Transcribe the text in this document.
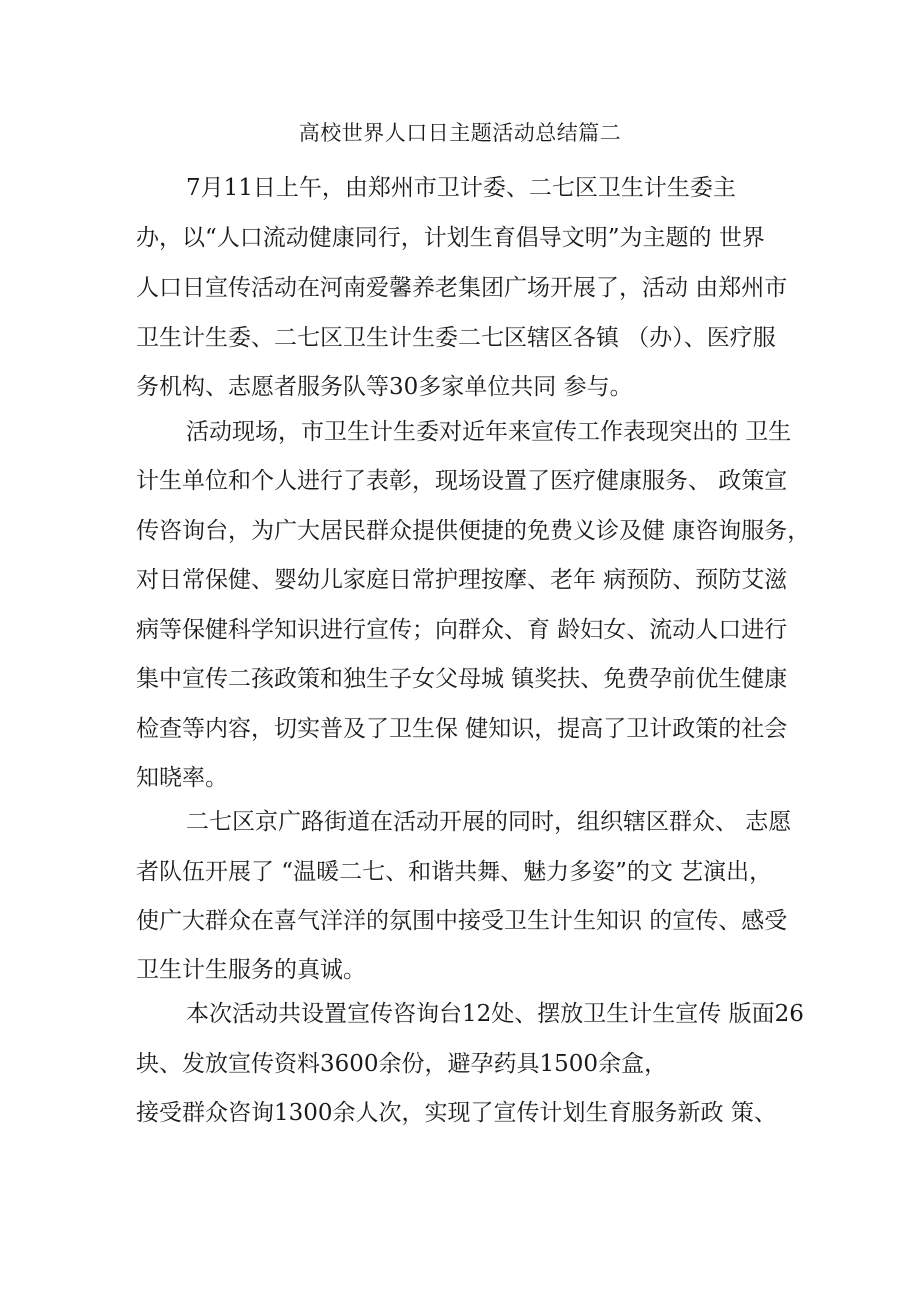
高校世界人口日主题活动总结篇二
7月11日上午，由郑州市卫计委、二七区卫生计生委主
办，以“人口流动健康同行，计划生育倡导文明”为主题的 世界
人口日宣传活动在河南爱馨养老集团广场开展了，活动 由郑州市
卫生计生委、二七区卫生计生委二七区辖区各镇 （办）、医疗服
务机构、志愿者服务队等30多家单位共同 参与。
活动现场，市卫生计生委对近年来宣传工作表现突出的 卫生
计生单位和个人进行了表彰，现场设置了医疗健康服务、 政策宣
传咨询台，为广大居民群众提供便捷的免费义诊及健 康咨询服务，
对日常保健、婴幼儿家庭日常护理按摩、老年 病预防、预防艾滋
病等保健科学知识进行宣传；向群众、育 龄妇女、流动人口进行
集中宣传二孩政策和独生子女父母城 镇奖扶、免费孕前优生健康
检查等内容，切实普及了卫生保 健知识，提高了卫计政策的社会
知晓率。
二七区京广路街道在活动开展的同时，组织辖区群众、 志愿
者队伍开展了 “温暖二七、和谐共舞、魅力多姿”的文 艺演出，
使广大群众在喜气洋洋的氛围中接受卫生计生知识 的宣传、感受
卫生计生服务的真诚。
本次活动共设置宣传咨询台12处、摆放卫生计生宣传 版面26
块、发放宣传资料3600余份，避孕药具1500余盒，
接受群众咨询1300余人次，实现了宣传计划生育服务新政 策、
